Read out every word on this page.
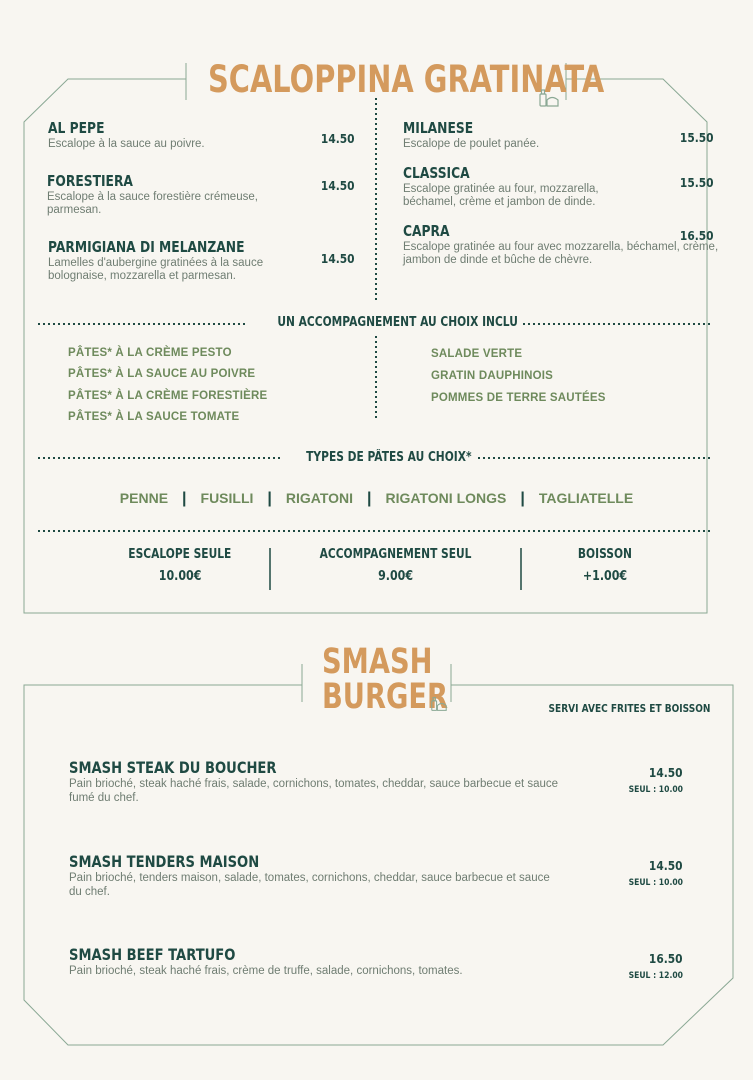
SCALOPPINA GRATINATA
AL PEPE
Escalope à la sauce au poivre.	14.50
FORESTIERA
Escalope à la sauce forestière crémeuse, parmesan.
14.50
PARMIGIANA DI MELANZANE
Lamelles d'aubergine gratinées à la sauce bolognaise, mozzarella et parmesan.
14.50
MILANESE
Escalope de poulet panée.	15.50
CLASSICA
Escalope gratinée au four, mozzarella, béchamel, crème et jambon de dinde.
15.50
CAPRA
Escalope gratinée au four avec mozzarella, béchamel, crème, jambon de dinde et bûche de chèvre.
16.50
UN ACCOMPAGNEMENT AU CHOIX INCLU
PÂTES* À LA CRÈME PESTO
PÂTES* À LA SAUCE AU POIVRE
PÂTES* À LA CRÈME FORESTIÈRE
PÂTES* À LA SAUCE TOMATE
SALADE VERTE
GRATIN DAUPHINOIS
POMMES DE TERRE SAUTÉES
TYPES DE PÂTES AU CHOIX*
PENNE | FUSILLI | RIGATONI | RIGATONI LONGS | TAGLIATELLE
ESCALOPE SEULE
10.00€
ACCOMPAGNEMENT SEUL
9.00€
BOISSON
+1.00€
SMASH
BURGER	SERVI AVEC FRITES ET BOISSON
SMASH STEAK DU BOUCHER
Pain brioché, steak haché frais, salade, cornichons, tomates, cheddar, sauce barbecue et sauce fumé du chef.
14.50
SEUL : 10.00
SMASH TENDERS MAISON
Pain brioché, tenders maison, salade, tomates, cornichons, cheddar, sauce barbecue et sauce du chef.
14.50
SEUL : 10.00
SMASH BEEF TARTUFO
Pain brioché, steak haché frais, crème de truffe, salade, cornichons, tomates.
16.50
SEUL : 12.00
